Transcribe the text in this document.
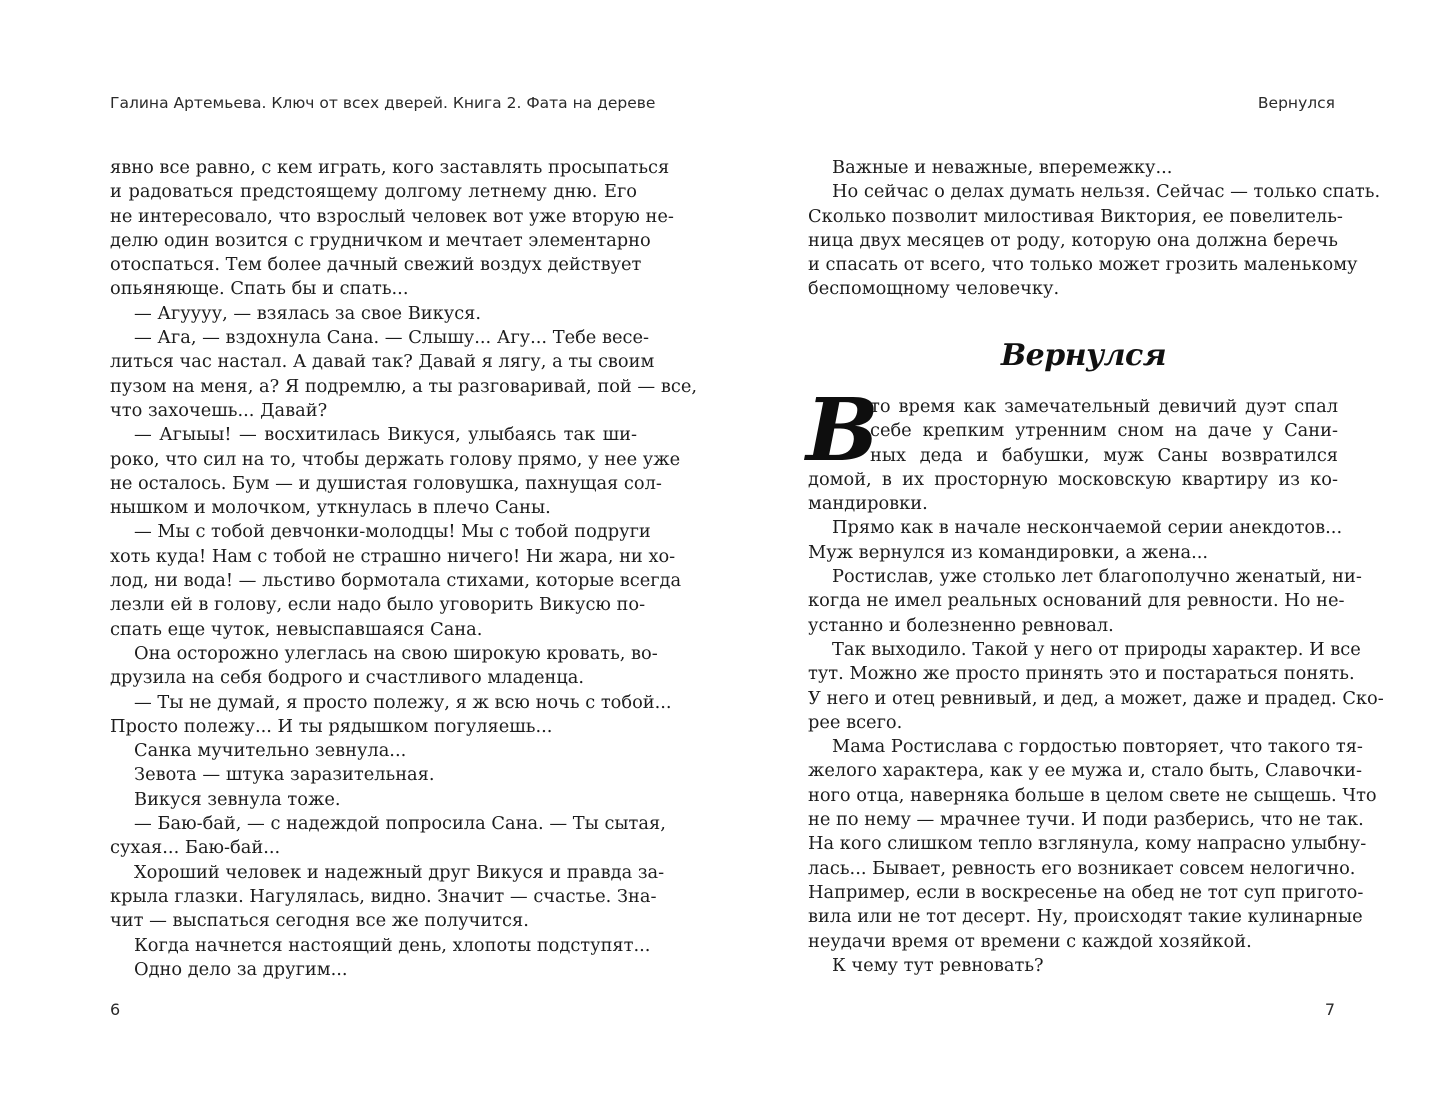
Галина Артемьева. Ключ от всех дверей. Книга 2. Фата на дереве
явно все равно, с кем играть, кого заставлять просыпаться
и радоваться предстоящему долгому летнему дню. Его
не интересовало, что взрослый человек вот уже вторую не-
делю один возится с грудничком и мечтает элементарно
отоспаться. Тем более дачный свежий воздух действует
опьяняюще. Спать бы и спать...
— Агуууу, — взялась за свое Викуся.
— Ага, — вздохнула Сана. — Слышу... Агу... Тебе весе-
литься час настал. А давай так? Давай я лягу, а ты своим
пузом на меня, а? Я подремлю, а ты разговаривай, пой — все,
что захочешь... Давай?
— Агыыы! — восхитилась Викуся, улыбаясь так ши-
роко, что сил на то, чтобы держать голову прямо, у нее уже
не осталось. Бум — и душистая головушка, пахнущая сол-
нышком и молочком, уткнулась в плечо Саны.
— Мы с тобой девчонки-молодцы! Мы с тобой подруги
хоть куда! Нам с тобой не страшно ничего! Ни жара, ни хо-
лод, ни вода! — льстиво бормотала стихами, которые всегда
лезли ей в голову, если надо было уговорить Викусю по-
спать еще чуток, невыспавшаяся Сана.
Она осторожно улеглась на свою широкую кровать, во-
друзила на себя бодрого и счастливого младенца.
— Ты не думай, я просто полежу, я ж всю ночь с тобой...
Просто полежу... И ты рядышком погуляешь...
Санка мучительно зевнула...
Зевота — штука заразительная.
Викуся зевнула тоже.
— Баю-бай, — с надеждой попросила Сана. — Ты сытая,
сухая... Баю-бай...
Хороший человек и надежный друг Викуся и правда за-
крыла глазки. Нагулялась, видно. Значит — счастье. Зна-
чит — выспаться сегодня все же получится.
Когда начнется настоящий день, хлопоты подступят...
Одно дело за другим...
6
Вернулся
Важные и неважные, вперемежку...
Но сейчас о делах думать нельзя. Сейчас — только спать.
Сколько позволит милостивая Виктория, ее повелитель-
ница двух месяцев от роду, которую она должна беречь
и спасать от всего, что только может грозить маленькому
беспомощному человечку.
Вернулся
В
то время как замечательный девичий дуэт спал
себе крепким утренним сном на даче у Сани-
ных деда и бабушки, муж Саны возвратился
домой, в их просторную московскую квартиру из ко-
мандировки.
Прямо как в начале нескончаемой серии анекдотов...
Муж вернулся из командировки, а жена...
Ростислав, уже столько лет благополучно женатый, ни-
когда не имел реальных оснований для ревности. Но не-
устанно и болезненно ревновал.
Так выходило. Такой у него от природы характер. И все
тут. Можно же просто принять это и постараться понять.
У него и отец ревнивый, и дед, а может, даже и прадед. Ско-
рее всего.
Мама Ростислава с гордостью повторяет, что такого тя-
желого характера, как у ее мужа и, стало быть, Славочки-
ного отца, наверняка больше в целом свете не сыщешь. Что
не по нему — мрачнее тучи. И поди разберись, что не так.
На кого слишком тепло взглянула, кому напрасно улыбну-
лась... Бывает, ревность его возникает совсем нелогично.
Например, если в воскресенье на обед не тот суп пригото-
вила или не тот десерт. Ну, происходят такие кулинарные
неудачи время от времени с каждой хозяйкой.
К чему тут ревновать?
7
